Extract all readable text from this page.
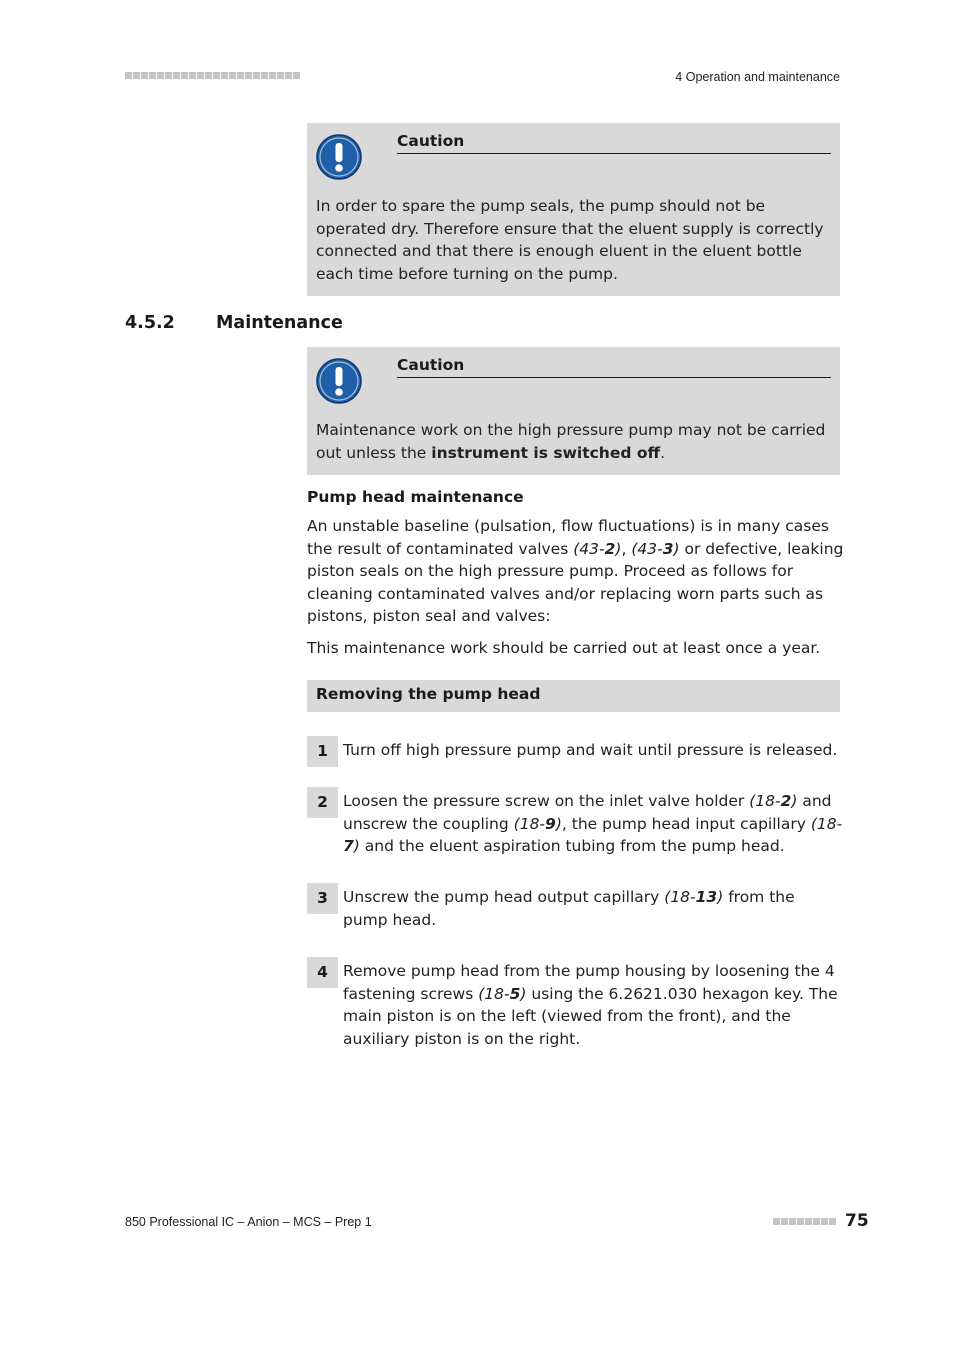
4 Operation and maintenance
Caution
In order to spare the pump seals, the pump should not be operated dry. Therefore ensure that the eluent supply is correctly connected and that there is enough eluent in the eluent bottle each time before turning on the pump.
4.5.2 Maintenance
Caution
Maintenance work on the high pressure pump may not be carried out unless the instrument is switched off.
Pump head maintenance
An unstable baseline (pulsation, flow fluctuations) is in many cases the result of contaminated valves (43-2), (43-3) or defective, leaking piston seals on the high pressure pump. Proceed as follows for cleaning contaminated valves and/or replacing worn parts such as pistons, piston seal and valves:
This maintenance work should be carried out at least once a year.
Removing the pump head
1 Turn off high pressure pump and wait until pressure is released.
2 Loosen the pressure screw on the inlet valve holder (18-2) and unscrew the coupling (18-9), the pump head input capillary (18-7) and the eluent aspiration tubing from the pump head.
3 Unscrew the pump head output capillary (18-13) from the pump head.
4 Remove pump head from the pump housing by loosening the 4 fastening screws (18-5) using the 6.2621.030 hexagon key. The main piston is on the left (viewed from the front), and the auxiliary piston is on the right.
850 Professional IC – Anion – MCS – Prep 1	75
